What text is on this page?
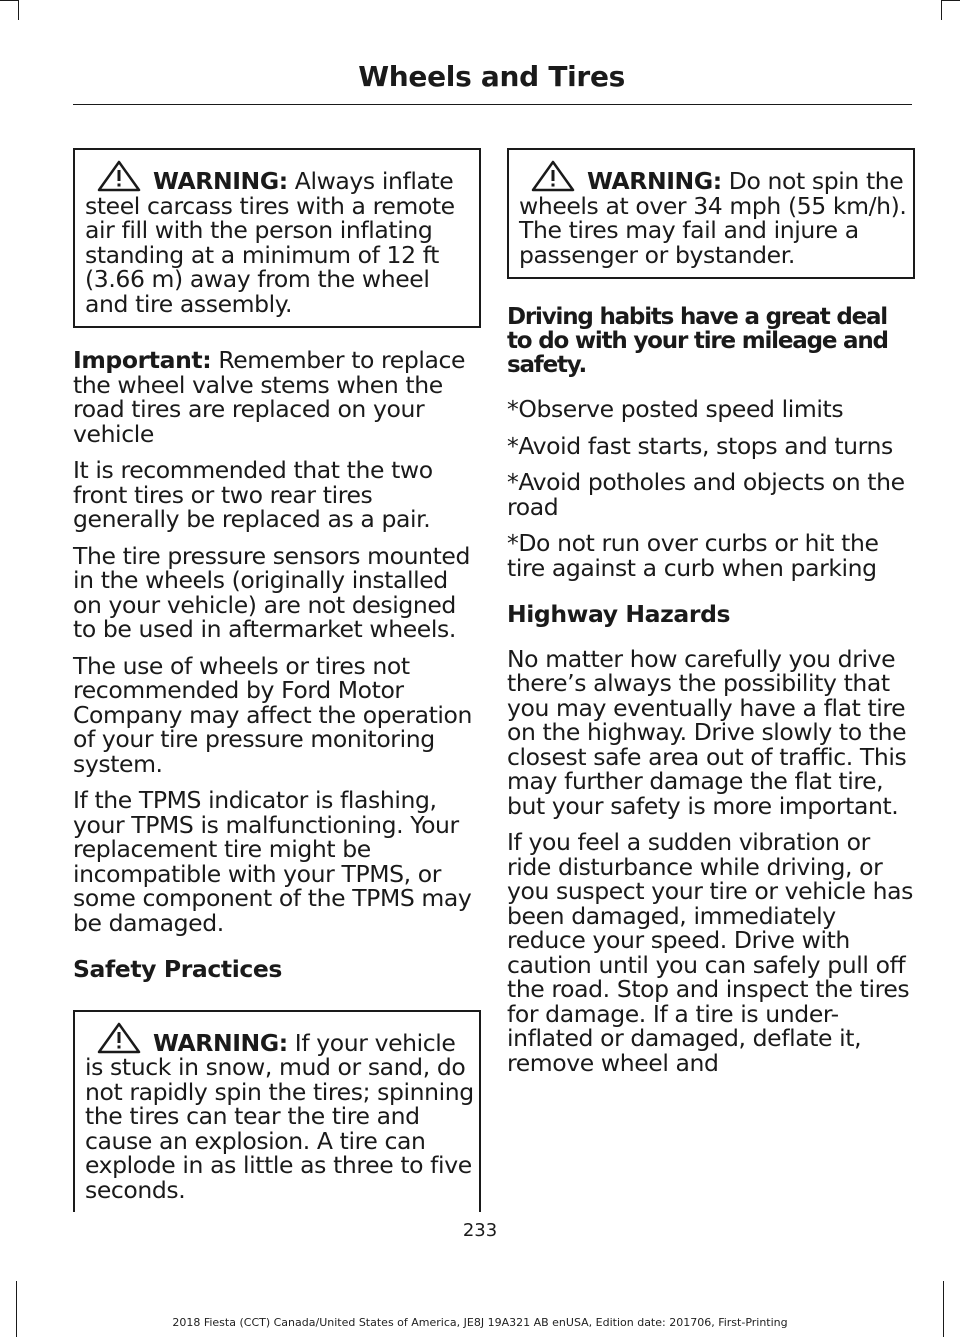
Wheels and Tires
WARNING: Always inflate steel carcass tires with a remote air fill with the person inflating standing at a minimum of 12 ft (3.66 m) away from the wheel and tire assembly.

Important: Remember to replace the wheel valve stems when the road tires are replaced on your vehicle

It is recommended that the two front tires or two rear tires generally be replaced as a pair.

The tire pressure sensors mounted in the wheels (originally installed on your vehicle) are not designed to be used in aftermarket wheels.

The use of wheels or tires not recommended by Ford Motor Company may affect the operation of your tire pressure monitoring system.

If the TPMS indicator is flashing, your TPMS is malfunctioning. Your replacement tire might be incompatible with your TPMS, or some component of the TPMS may be damaged.

Safety Practices
WARNING: If your vehicle is stuck in snow, mud or sand, do not rapidly spin the tires; spinning the tires can tear the tire and cause an explosion. A tire can explode in as little as three to five seconds.
WARNING: Do not spin the wheels at over 34 mph (55 km/h). The tires may fail and injure a passenger or bystander.
Driving habits have a great deal to do with your tire mileage and safety.

*Observe posted speed limits

*Avoid fast starts, stops and turns

*Avoid potholes and objects on the road

*Do not run over curbs or hit the tire against a curb when parking

Highway Hazards

No matter how carefully you drive there’s always the possibility that you may eventually have a flat tire on the highway. Drive slowly to the closest safe area out of traffic. This may further damage the flat tire, but your safety is more important.

If you feel a sudden vibration or ride disturbance while driving, or you suspect your tire or vehicle has been damaged, immediately reduce your speed. Drive with caution until you can safely pull off the road. Stop and inspect the tires for damage. If a tire is under-inflated or damaged, deflate it, remove wheel and

233
2018 Fiesta (CCT) Canada/United States of America, JE8J 19A321 AB enUSA, Edition date: 201706, First-Printing
